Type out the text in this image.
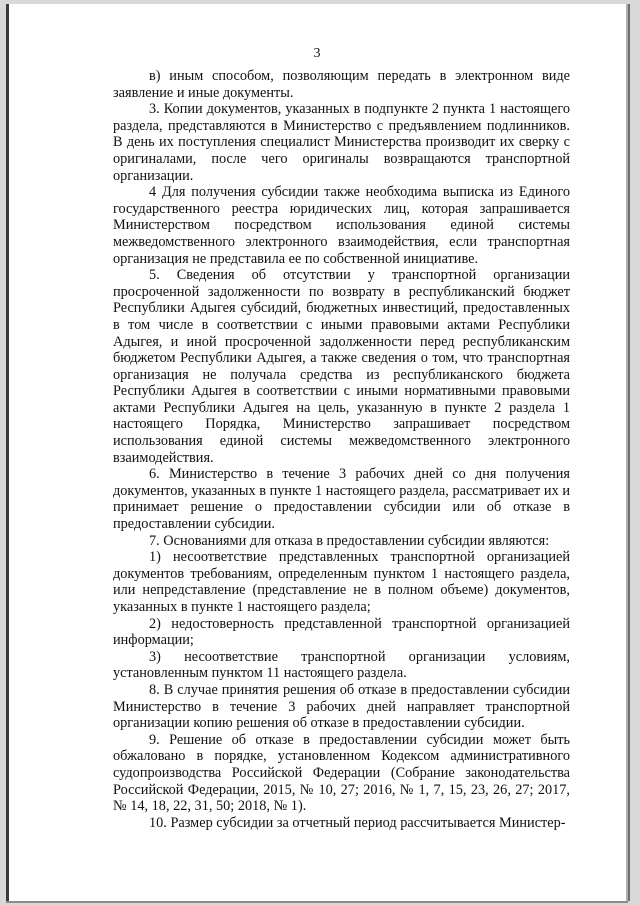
3

в) иным способом, позволяющим передать в электронном виде заявление и иные документы.

3. Копии документов, указанных в подпункте 2 пункта 1 настоящего раздела, представляются в Министерство с предъявлением подлинников. В день их поступления специалист Министерства производит их сверку с оригиналами, после чего оригиналы возвращаются транспортной организации.

4 Для получения субсидии также необходима выписка из Единого государственного реестра юридических лиц, которая запрашивается Министерством посредством использования единой системы межведомственного электронного взаимодействия, если транспортная организация не представила ее по собственной инициативе.

5. Сведения об отсутствии у транспортной организации просроченной задолженности по возврату в республиканский бюджет Республики Адыгея субсидий, бюджетных инвестиций, предоставленных в том числе в соответствии с иными правовыми актами Республики Адыгея, и иной просроченной задолженности перед республиканским бюджетом Республики Адыгея, а также сведения о том, что транспортная организация не получала средства из республиканского бюджета Республики Адыгея в соответствии с иными нормативными правовыми актами Республики Адыгея на цель, указанную в пункте 2 раздела 1 настоящего Порядка, Министерство запрашивает посредством использования единой системы межведомственного электронного взаимодействия.

6. Министерство в течение 3 рабочих дней со дня получения документов, указанных в пункте 1 настоящего раздела, рассматривает их и принимает решение о предоставлении субсидии или об отказе в предоставлении субсидии.

7. Основаниями для отказа в предоставлении субсидии являются:

1) несоответствие представленных транспортной организацией документов требованиям, определенным пунктом 1 настоящего раздела, или непредставление (представление не в полном объеме) документов, указанных в пункте 1 настоящего раздела;

2) недостоверность представленной транспортной организацией информации;

3) несоответствие транспортной организации условиям, установленным пунктом 11 настоящего раздела.

8. В случае принятия решения об отказе в предоставлении субсидии Министерство в течение 3 рабочих дней направляет транспортной организации копию решения об отказе в предоставлении субсидии.

9. Решение об отказе в предоставлении субсидии может быть обжаловано в порядке, установленном Кодексом административного судопроизводства Российской Федерации (Собрание законодательства Российской Федерации, 2015, № 10, 27; 2016, № 1, 7, 15, 23, 26, 27; 2017, № 14, 18, 22, 31, 50; 2018, № 1).

10. Размер субсидии за отчетный период рассчитывается Министер-
